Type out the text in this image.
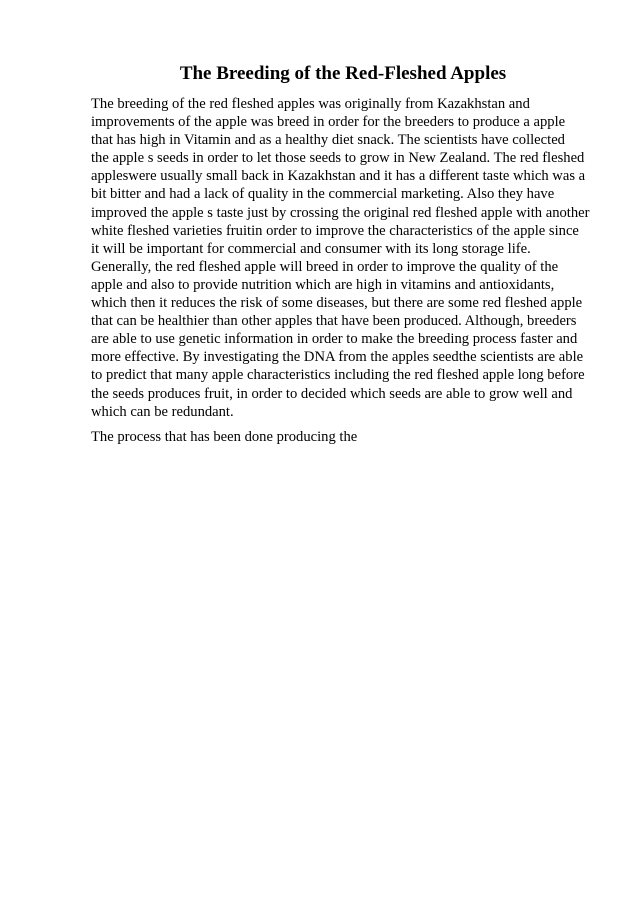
The Breeding of the Red-Fleshed Apples

The breeding of the red fleshed apples was originally from Kazakhstan and
improvements of the apple was breed in order for the breeders to produce a apple
that has high in Vitamin and as a healthy diet snack. The scientists have collected
the apple s seeds in order to let those seeds to grow in New Zealand. The red fleshed
appleswere usually small back in Kazakhstan and it has a different taste which was a
bit bitter and had a lack of quality in the commercial marketing. Also they have
improved the apple s taste just by crossing the original red fleshed apple with another
white fleshed varieties fruitin order to improve the characteristics of the apple since
it will be important for commercial and consumer with its long storage life.
Generally, the red fleshed apple will breed in order to improve the quality of the
apple and also to provide nutrition which are high in vitamins and antioxidants,
which then it reduces the risk of some diseases, but there are some red fleshed apple
that can be healthier than other apples that have been produced. Although, breeders
are able to use genetic information in order to make the breeding process faster and
more effective. By investigating the DNA from the apples seedthe scientists are able
to predict that many apple characteristics including the red fleshed apple long before
the seeds produces fruit, in order to decided which seeds are able to grow well and
which can be redundant.

The process that has been done producing the
